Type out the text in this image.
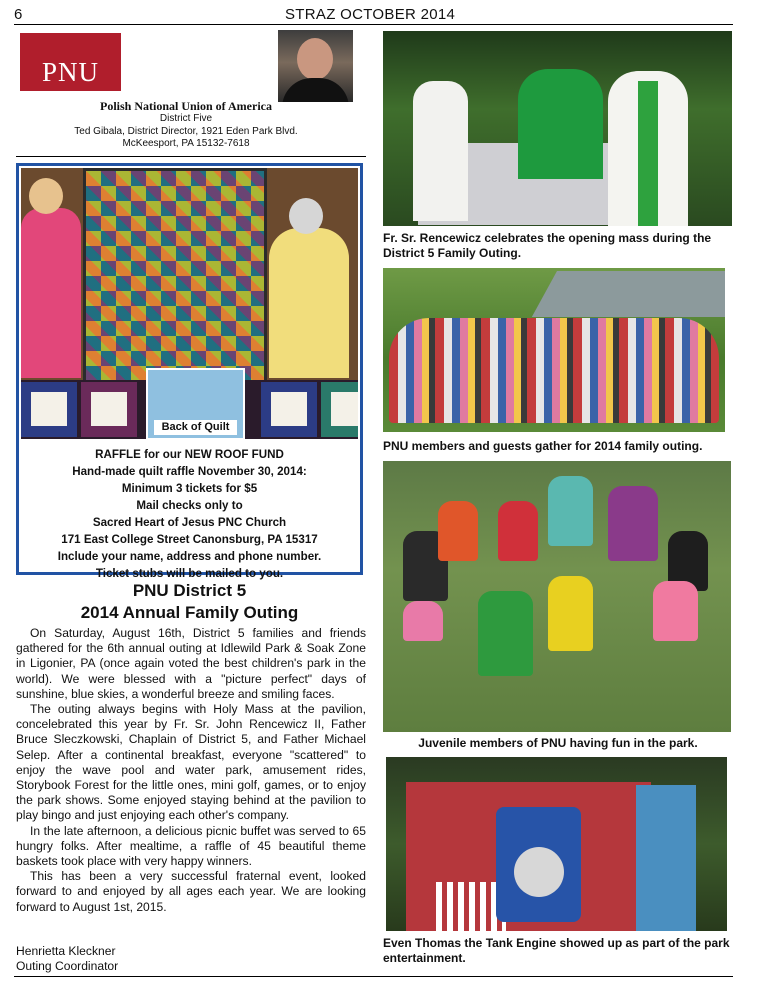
6	STRAZ OCTOBER 2014
PNU
Polish National Union of America
District Five
Ted Gibala, District Director, 1921 Eden Park Blvd.
McKeesport, PA 15132-7618
Back of Quilt
RAFFLE for our NEW ROOF FUND
Hand-made quilt raffle November 30, 2014:
Minimum 3 tickets for $5
Mail checks only to
Sacred Heart of Jesus PNC Church
171 East College Street Canonsburg, PA 15317
Include your name, address and phone number.
Ticket stubs will be mailed to you.
PNU District 5
2014 Annual Family Outing

On Saturday, August 16th, District 5 families and friends gathered for the 6th annual outing at Idlewild Park & Soak Zone in Ligonier, PA (once again voted the best children's park in the world). We were blessed with a "picture perfect" days of sunshine, blue skies, a wonderful breeze and smiling faces.

The outing always begins with Holy Mass at the pavilion, concelebrated this year by Fr. Sr. John Rencewicz II, Father Bruce Sleczkowski, Chaplain of District 5, and Father Michael Selep. After a continental breakfast, everyone "scattered" to enjoy the wave pool and water park, amusement rides, Storybook Forest for the little ones, mini golf, games, or to enjoy the park shows. Some enjoyed staying behind at the pavilion to play bingo and just enjoying each other's company.

In the late afternoon, a delicious picnic buffet was served to 65 hungry folks. After mealtime, a raffle of 45 beautiful theme baskets took place with very happy winners.

This has been a very successful fraternal event, looked forward to and enjoyed by all ages each year. We are looking forward to August 1st, 2015.

Henrietta Kleckner
Outing Coordinator
Fr. Sr. Rencewicz celebrates the opening mass during the District 5 Family Outing.
PNU members and guests gather for 2014 family outing.
Juvenile members of PNU having fun in the park.
Even Thomas the Tank Engine showed up as part of the park entertainment.
